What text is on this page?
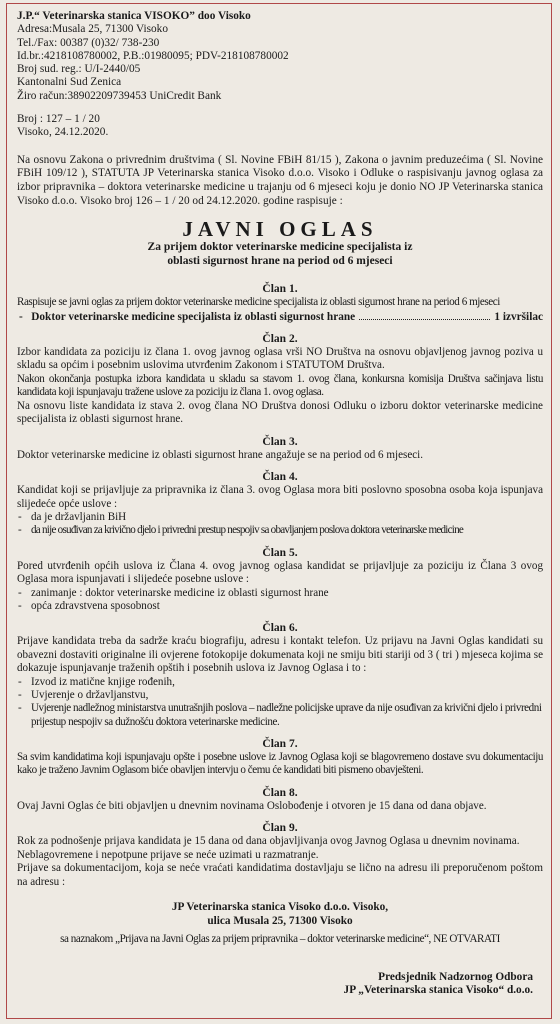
J.P.“ Veterinarska stanica VISOKO” doo Visoko
Adresa:Musala 25, 71300 Visoko
Tel./Fax: 00387 (0)32/ 738-230
Id.br.:4218108780002, P.B.:01980095; PDV-218108780002
Broj sud. reg.: U/I-2440/05
Kantonalni Sud Zenica
Žiro račun:3890220973945З UniCredit Bank
Broj : 127 – 1 / 20
Visoko, 24.12.2020.

Na osnovu Zakona o privrednim društvima ( Sl. Novine FBiH 81/15 ), Zakona o javnim preduzećima ( Sl. Novine FBiH 109/12 ), STATUTA JP Veterinarska stanica Visoko d.o.o. Visoko i Odluke o raspisivanju javnog oglasa za izbor pripravnika – doktora veterinarske medicine u trajanju od 6 mjeseci koju je donio NO JP Veterinarska stanica Visoko d.o.o. Visoko broj 126 – 1 / 20 od 24.12.2020. godine raspisuje :

JAVNI OGLAS
Za prijem doktor veterinarske medicine specijalista iz
oblasti sigurnost hrane na period od 6 mjeseci
Član 1.

Raspisuje se javni oglas za prijem doktor veterinarske medicine specijalista iz oblasti sigurnost hrane na period 6 mjeseci

- Doktor veterinarske medicine specijalista iz oblasti sigurnost hrane	1 izvršilac
Član 2.

Izbor kandidata za poziciju iz člana 1. ovog javnog oglasa vrši NO Društva na osnovu objavljenog javnog poziva u skladu sa općim i posebnim uslovima utvrđenim Zakonom i STATUTOM Društva.

Nakon okončanja postupka izbora kandidata u skladu sa stavom 1. ovog člana, konkursna komisija Društva sačinjava listu kandidata koji ispunjavaju tražene uslove za poziciju iz člana 1. ovog oglasa.

Na osnovu liste kandidata iz stava 2. ovog člana NO Društva donosi Odluku o izboru doktor veterinarske medicine specijalista iz oblasti sigurnost hrane.

Član 3.

Doktor veterinarske medicine iz oblasti sigurnost hrane angažuje se na period od 6 mjeseci.

Član 4.

Kandidat koji se prijavljuje za pripravnika iz člana 3. ovog Oglasa mora biti poslovno sposobna osoba koja ispunjava slijedeće opće uslove :

- da je državljanin BiH
- da nije osuđivan za krivično djelo i privredni prestup nespojiv sa obavljanjem poslova doktora veterinarske medicine
Član 5.

Pored utvrđenih općih uslova iz Člana 4. ovog javnog oglasa kandidat se prijavljuje za poziciju iz Člana 3 ovog Oglasa mora ispunjavati i slijedeće posebne uslove :

- zanimanje : doktor veterinarske medicine iz oblasti sigurnost hrane
- opća zdravstvena sposobnost
Član 6.

Prijave kandidata treba da sadrže kraću biografiju, adresu i kontakt telefon. Uz prijavu na Javni Oglas kandidati su obavezni dostaviti originalne ili ovjerene fotokopije dokumenata koji ne smiju biti stariji od 3 ( tri ) mjeseca kojima se dokazuje ispunjavanje traženih opštih i posebnih uslova iz Javnog Oglasa i to :

- Izvod iz matične knjige rođenih,
- Uvjerenje o državljanstvu,
- Uvjerenje nadležnog ministarstva unutrašnjih poslova – nadležne policijske uprave da nije osuđivan za krivični djelo i privredni prijestup nespojiv sa dužnošću doktora veterinarske medicine.
Član 7.

Sa svim kandidatima koji ispunjavaju opšte i posebne uslove iz Javnog Oglasa koji se blagovremeno dostave svu dokumentaciju kako je traženo Javnim Oglasom biće obavljen intervju o čemu će kandidati biti pismeno obavješteni.

Član 8.

Ovaj Javni Oglas će biti objavljen u dnevnim novinama Oslobođenje i otvoren je 15 dana od dana objave.

Član 9.

Rok za podnošenje prijava kandidata je 15 dana od dana objavljivanja ovog Javnog Oglasa u dnevnim novinama.

Neblagovremene i nepotpune prijave se neće uzimati u razmatranje.

Prijave sa dokumentacijom, koja se neće vraćati kandidatima dostavljaju se lično na adresu ili preporučenom poštom na adresu :

JP Veterinarska stanica Visoko d.o.o. Visoko,
ulica Musala 25, 71300 Visoko
sa naznakom „Prijava na Javni Oglas za prijem pripravnika – doktor veterinarske medicine“, NE OTVARATI
Predsjednik Nadzornog Odbora
JP „Veterinarska stanica Visoko“ d.o.o.
